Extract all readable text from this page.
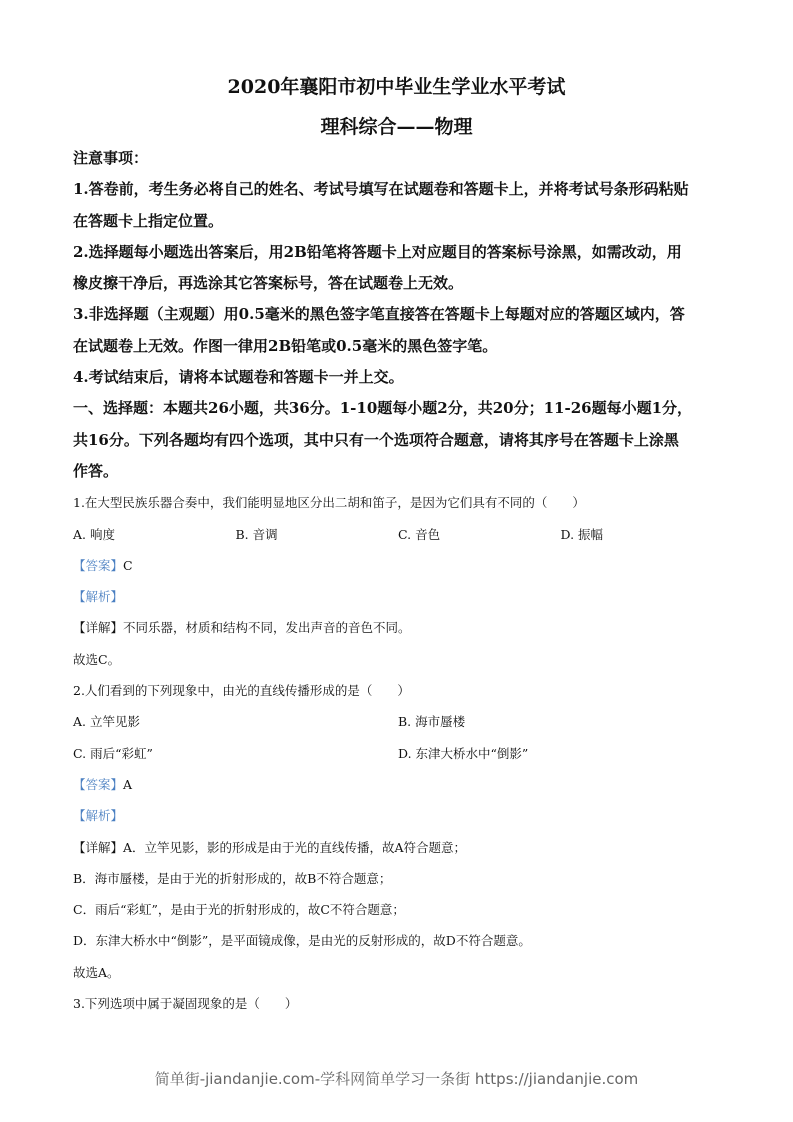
2020年襄阳市初中毕业生学业水平考试
理科综合——物理
注意事项：
1.答卷前，考生务必将自己的姓名、考试号填写在试题卷和答题卡上，并将考试号条形码粘贴
在答题卡上指定位置。
2.选择题每小题选出答案后，用2B铅笔将答题卡上对应题目的答案标号涂黑，如需改动，用
橡皮擦干净后，再选涂其它答案标号，答在试题卷上无效。
3.非选择题（主观题）用0.5毫米的黑色签字笔直接答在答题卡上每题对应的答题区域内，答
在试题卷上无效。作图一律用2B铅笔或0.5毫米的黑色签字笔。
4.考试结束后，请将本试题卷和答题卡一并上交。
一、选择题：本题共26小题，共36分。1-10题每小题2分，共20分；11-26题每小题1分，
共16分。下列各题均有四个选项，其中只有一个选项符合题意，请将其序号在答题卡上涂黑
作答。
1.在大型民族乐器合奏中，我们能明显地区分出二胡和笛子，是因为它们具有不同的（　　）
A. 响度	B. 音调	C. 音色	D. 振幅
【答案】C
【解析】
【详解】不同乐器，材质和结构不同，发出声音的音色不同。
故选C。
2.人们看到的下列现象中，由光的直线传播形成的是（　　）
A. 立竿见影	B. 海市蜃楼
C. 雨后“彩虹”	D. 东津大桥水中“倒影”
【答案】A
【解析】
【详解】A．立竿见影，影的形成是由于光的直线传播，故A符合题意；
B．海市蜃楼，是由于光的折射形成的，故B不符合题意；
C．雨后“彩虹”，是由于光的折射形成的，故C不符合题意；
D．东津大桥水中“倒影”，是平面镜成像，是由光的反射形成的，故D不符合题意。
故选A。
3.下列选项中属于凝固现象的是（　　）
简单街-jiandanjie.com-学科网简单学习一条街 https://jiandanjie.com
